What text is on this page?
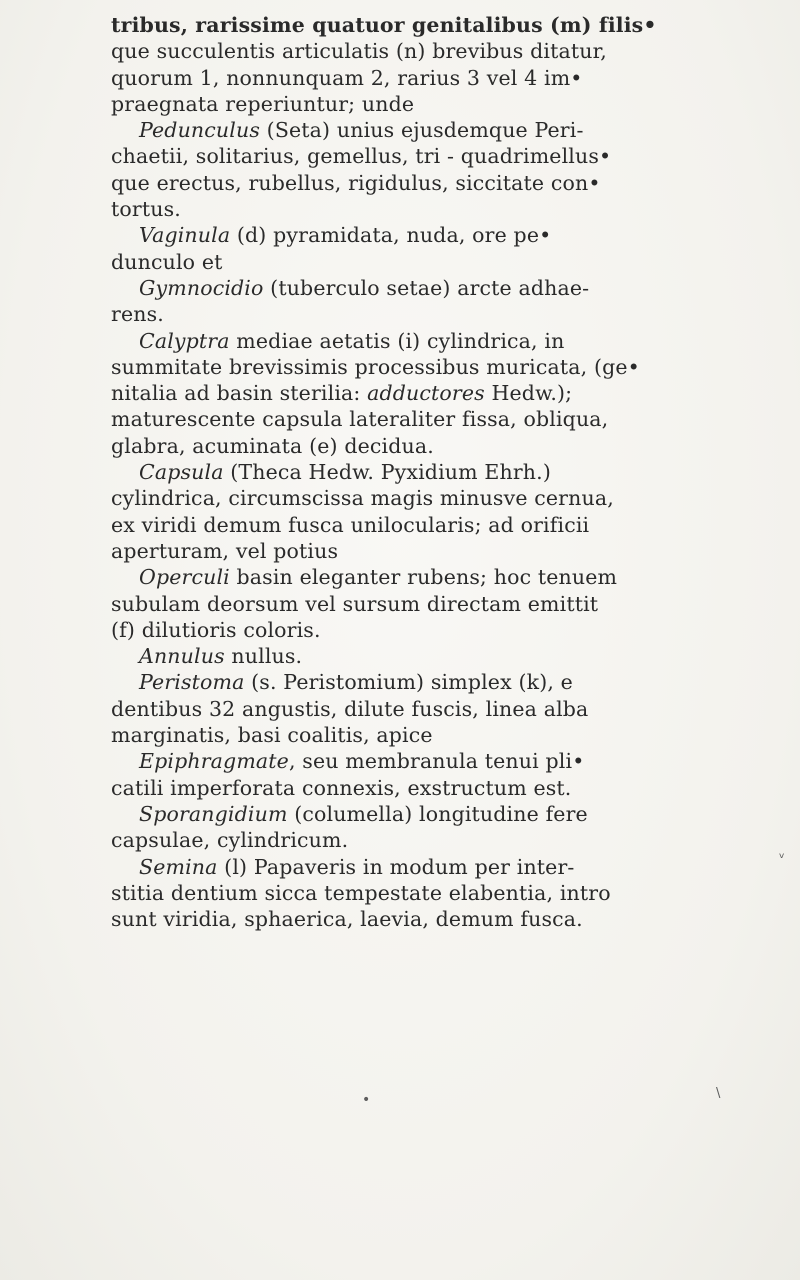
tribus, rarissime quatuor genitalibus (m) filis•
que succulentis articulatis (n) brevibus ditatur,
quorum 1, nonnunquam 2, rarius 3 vel 4 im•
praegnata reperiuntur; unde
Pedunculus (Seta) unius ejusdemque Peri-
chaetii, solitarius, gemellus, tri - quadrimellus•
que erectus, rubellus, rigidulus, siccitate con•
tortus.
Vaginula (d) pyramidata, nuda, ore pe•
dunculo et
Gymnocidio (tuberculo setae) arcte adhae-
rens.
Calyptra mediae aetatis (i) cylindrica, in
summitate brevissimis processibus muricata, (ge•
nitalia ad basin sterilia: adductores Hedw.);
maturescente capsula lateraliter fissa, obliqua,
glabra, acuminata (e) decidua.
Capsula (Theca Hedw. Pyxidium Ehrh.)
cylindrica, circumscissa magis minusve cernua,
ex viridi demum fusca unilocularis; ad orificii
aperturam, vel potius
Operculi basin eleganter rubens; hoc tenuem
subulam deorsum vel sursum directam emittit
(f) dilutioris coloris.
Annulus nullus.
Peristoma (s. Peristomium) simplex (k), e
dentibus 32 angustis, dilute fuscis, linea alba
marginatis, basi coalitis, apice
Epiphragmate, seu membranula tenui pli•
catili imperforata connexis, exstructum est.
Sporangidium (columella) longitudine fere
capsulae, cylindricum.
Semina (l) Papaveris in modum per inter-
stitia dentium sicca tempestate elabentia, intro
sunt viridia, sphaerica, laevia, demum fusca.
ᵥ
•	\
